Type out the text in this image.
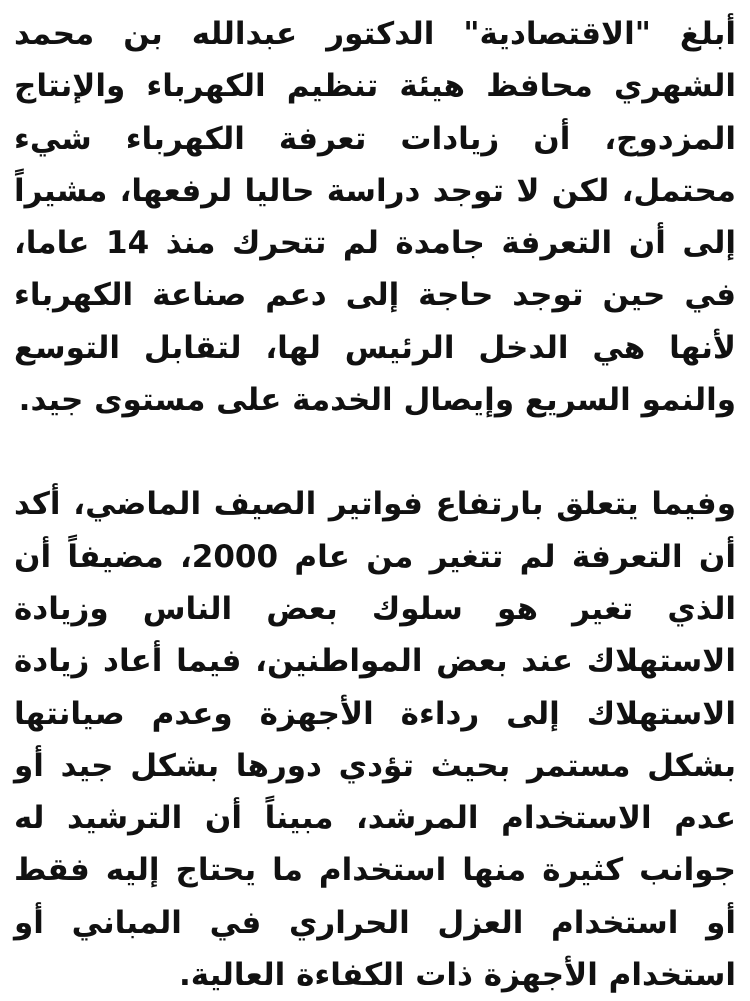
أبلغ "الاقتصادية" الدكتور عبدالله بن محمد الشهري محافظ هيئة تنظيم الكهرباء والإنتاج المزدوج، أن زيادات تعرفة الكهرباء شيء محتمل، لكن لا توجد دراسة حاليا لرفعها، مشيراً إلى أن التعرفة جامدة لم تتحرك منذ 14 عاما، في حين توجد حاجة إلى دعم صناعة الكهرباء لأنها هي الدخل الرئيس لها، لتقابل التوسع والنمو السريع وإيصال الخدمة على مستوى جيد.

وفيما يتعلق بارتفاع فواتير الصيف الماضي، أكد أن التعرفة لم تتغير من عام 2000، مضيفاً أن الذي تغير هو سلوك بعض الناس وزيادة الاستهلاك عند بعض المواطنين، فيما أعاد زيادة الاستهلاك إلى رداءة الأجهزة وعدم صيانتها بشكل مستمر بحيث تؤدي دورها بشكل جيد أو عدم الاستخدام المرشد، مبيناً أن الترشيد له جوانب كثيرة منها استخدام ما يحتاج إليه فقط أو استخدام العزل الحراري في المباني أو استخدام الأجهزة ذات الكفاءة العالية.
